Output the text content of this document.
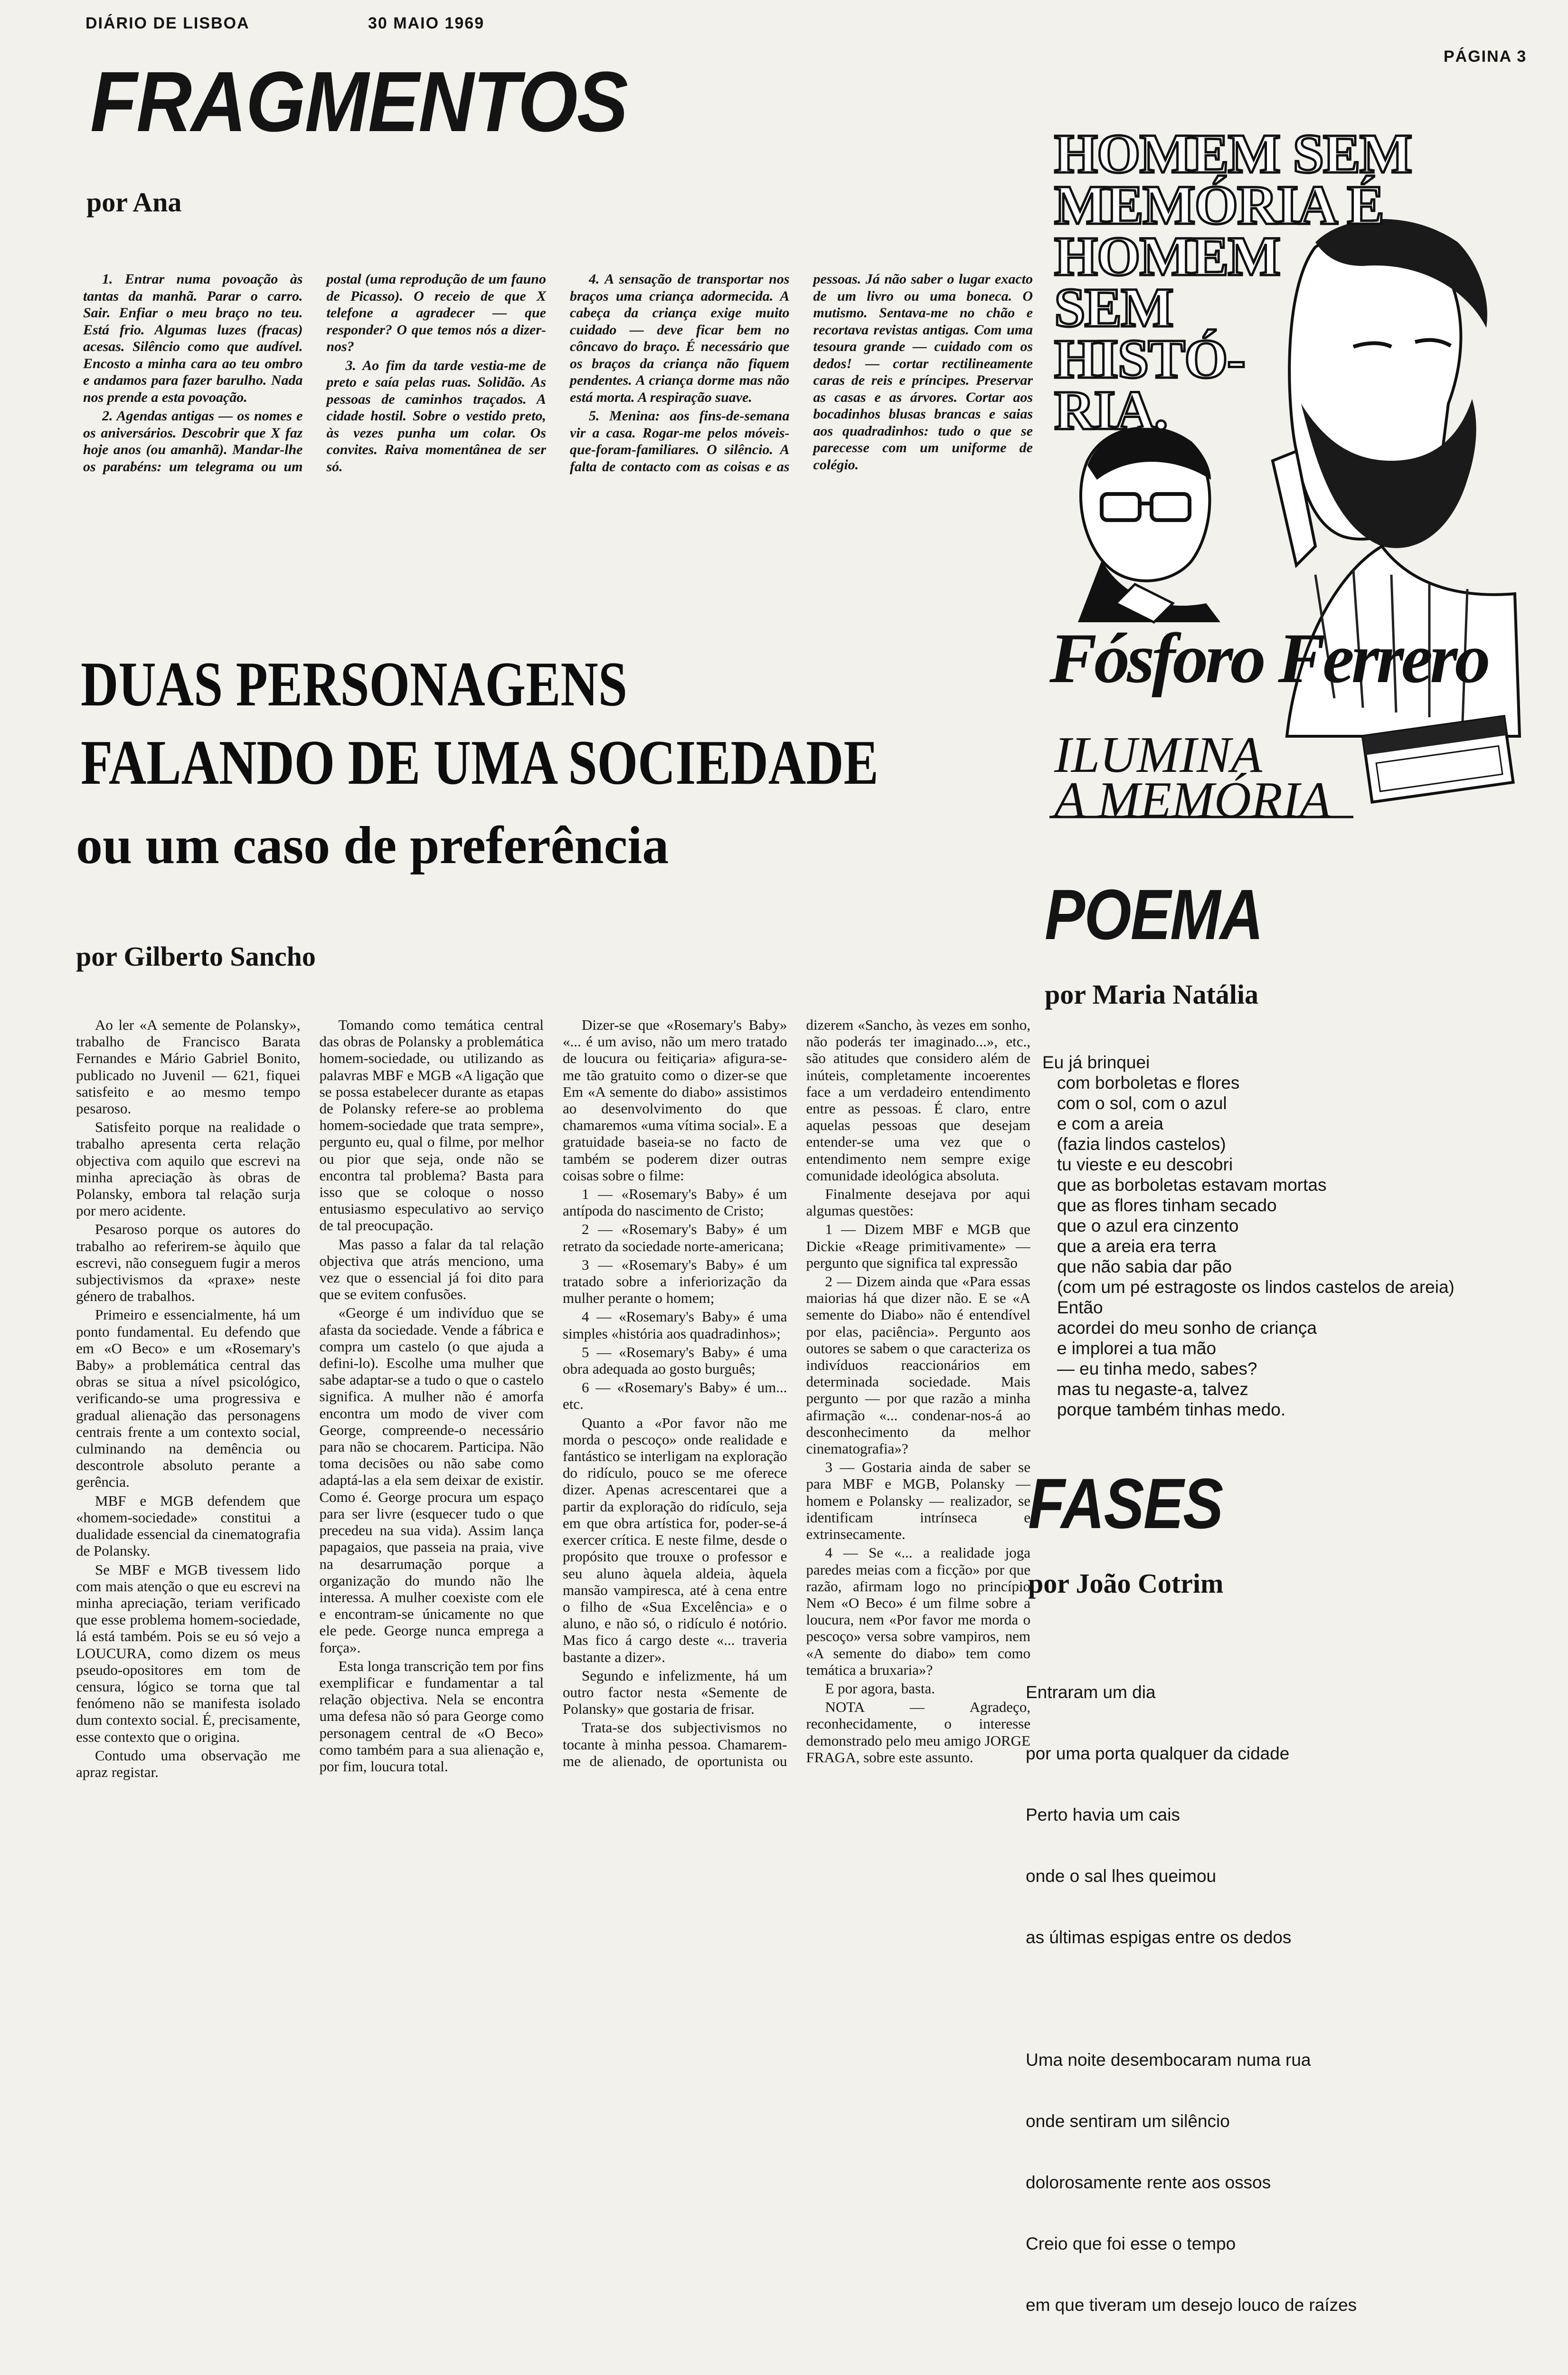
DIÁRIO DE LISBOA	30 MAIO 1969
PÁGINA 3
FRAGMENTOS
por Ana

1. Entrar numa povoação às tantas da manhã. Parar o carro. Sair. Enfiar o meu braço no teu. Está frio. Algumas luzes (fracas) acesas. Silêncio como que audível. Encosto a minha cara ao teu ombro e andamos para fazer barulho. Nada nos prende a esta povoação.

2. Agendas antigas — os nomes e os aniversários. Descobrir que X faz hoje anos (ou amanhã). Mandar-lhe os parabéns: um telegrama ou um postal (uma reprodução de um fauno de Picasso). O receio de que X telefone a agradecer — que responder? O que temos nós a dizer-nos?

3. Ao fim da tarde vestia-me de preto e saía pelas ruas. Solidão. As pessoas de caminhos traçados. A cidade hostil. Sobre o vestido preto, às vezes punha um colar. Os convites. Raiva momentânea de ser só.

4. A sensação de transportar nos braços uma criança adormecida. A cabeça da criança exige muito cuidado — deve ficar bem no côncavo do braço. É necessário que os braços da criança não fiquem pendentes. A criança dorme mas não está morta. A respiração suave.

5. Menina: aos fins-de-semana vir a casa. Rogar-me pelos móveis-que-foram-familiares. O silêncio. A falta de contacto com as coisas e as pessoas. Já não saber o lugar exacto de um livro ou uma boneca. O mutismo. Sentava-me no chão e recortava revistas antigas. Com uma tesoura grande — cuidado com os dedos! — cortar rectilineamente caras de reis e príncipes. Preservar as casas e as árvores. Cortar aos bocadinhos blusas brancas e saias aos quadradinhos: tudo o que se parecesse com um uniforme de colégio.

HOMEM SEM
MEMÓRIA É
HOMEM
SEM
HISTÓ-
RIA.
Fósforo Ferrero
ILUMINA
A MEMÓRIA
DUAS PERSONAGENS
FALANDO DE UMA SOCIEDADE
ou um caso de preferência
por Gilberto Sancho

Ao ler «A semente de Polansky», trabalho de Francisco Barata Fernandes e Mário Gabriel Bonito, publicado no Juvenil — 621, fiquei satisfeito e ao mesmo tempo pesaroso.

Satisfeito porque na realidade o trabalho apresenta certa relação objectiva com aquilo que escrevi na minha apreciação às obras de Polansky, embora tal relação surja por mero acidente.

Pesaroso porque os autores do trabalho ao referirem-se àquilo que escrevi, não conseguem fugir a meros subjectivismos da «praxe» neste género de trabalhos.

Primeiro e essencialmente, há um ponto fundamental. Eu defendo que em «O Beco» e um «Rosemary's Baby» a problemática central das obras se situa a nível psicológico, verificando-se uma progressiva e gradual alienação das personagens centrais frente a um contexto social, culminando na demência ou descontrole absoluto perante a gerência.

MBF e MGB defendem que «homem-sociedade» constitui a dualidade essencial da cinematografia de Polansky.

Se MBF e MGB tivessem lido com mais atenção o que eu escrevi na minha apreciação, teriam verificado que esse problema homem-sociedade, lá está também. Pois se eu só vejo a LOUCURA, como dizem os meus pseudo-opositores em tom de censura, lógico se torna que tal fenómeno não se manifesta isolado dum contexto social. É, precisamente, esse contexto que o origina.

Contudo uma observação me apraz registar.

Tomando como temática central das obras de Polansky a problemática homem-sociedade, ou utilizando as palavras MBF e MGB «A ligação que se possa estabelecer durante as etapas de Polansky refere-se ao problema homem-sociedade que trata sempre», pergunto eu, qual o filme, por melhor ou pior que seja, onde não se encontra tal problema? Basta para isso que se coloque o nosso entusiasmo especulativo ao serviço de tal preocupação.

Mas passo a falar da tal relação objectiva que atrás menciono, uma vez que o essencial já foi dito para que se evitem confusões.

«George é um indivíduo que se afasta da sociedade. Vende a fábrica e compra um castelo (o que ajuda a defini-lo). Escolhe uma mulher que sabe adaptar-se a tudo o que o castelo significa. A mulher não é amorfa encontra um modo de viver com George, compreende-o necessário para não se chocarem. Participa. Não toma decisões ou não sabe como adaptá-las a ela sem deixar de existir. Como é. George procura um espaço para ser livre (esquecer tudo o que precedeu na sua vida). Assim lança papagaios, que passeia na praia, vive na desarrumação porque a organização do mundo não lhe interessa. A mulher coexiste com ele e encontram-se únicamente no que ele pede. George nunca emprega a força».

Esta longa transcrição tem por fins exemplificar e fundamentar a tal relação objectiva. Nela se encontra uma defesa não só para George como personagem central de «O Beco» como também para a sua alienação e, por fim, loucura total.

Dizer-se que «Rosemary's Baby» «... é um aviso, não um mero tratado de loucura ou feitiçaria» afigura-se-me tão gratuito como o dizer-se que Em «A semente do diabo» assistimos ao desenvolvimento do que chamaremos «uma vítima social». E a gratuidade baseia-se no facto de também se poderem dizer outras coisas sobre o filme:

1 — «Rosemary's Baby» é um antípoda do nascimento de Cristo;

2 — «Rosemary's Baby» é um retrato da sociedade norte-americana;

3 — «Rosemary's Baby» é um tratado sobre a inferiorização da mulher perante o homem;

4 — «Rosemary's Baby» é uma simples «história aos quadradinhos»;

5 — «Rosemary's Baby» é uma obra adequada ao gosto burguês;

6 — «Rosemary's Baby» é um... etc.

Quanto a «Por favor não me morda o pescoço» onde realidade e fantástico se interligam na exploração do ridículo, pouco se me oferece dizer. Apenas acrescentarei que a partir da exploração do ridículo, seja em que obra artística for, poder-se-á exercer crítica. E neste filme, desde o propósito que trouxe o professor e seu aluno àquela aldeia, àquela mansão vampiresca, até à cena entre o filho de «Sua Excelência» e o aluno, e não só, o ridículo é notório. Mas fico á cargo deste «... traveria bastante a dizer».

Segundo e infelizmente, há um outro factor nesta «Semente de Polansky» que gostaria de frisar.

Trata-se dos subjectivismos no tocante à minha pessoa. Chamarem-me de alienado, de oportunista ou dizerem «Sancho, às vezes em sonho, não poderás ter imaginado...», etc., são atitudes que considero além de inúteis, completamente incoerentes face a um verdadeiro entendimento entre as pessoas. É claro, entre aquelas pessoas que desejam entender-se uma vez que o entendimento nem sempre exige comunidade ideológica absoluta.

Finalmente desejava por aqui algumas questões:

1 — Dizem MBF e MGB que Dickie «Reage primitivamente» — pergunto que significa tal expressão

2 — Dizem ainda que «Para essas maiorias há que dizer não. E se «A semente do Diabo» não é entendível por elas, paciência». Pergunto aos outores se sabem o que caracteriza os indivíduos reaccionários em determinada sociedade. Mais pergunto — por que razão a minha afirmação «... condenar-nos-á ao desconhecimento da melhor cinematografia»?

3 — Gostaria ainda de saber se para MBF e MGB, Polansky — homem e Polansky — realizador, se identificam intrínseca e extrinsecamente.

4 — Se «... a realidade joga paredes meias com a ficção» por que razão, afirmam logo no princípio Nem «O Beco» é um filme sobre a loucura, nem «Por favor me morda o pescoço» versa sobre vampiros, nem «A semente do diabo» tem como temática a bruxaria»?

E por agora, basta.

NOTA — Agradeço, reconhecidamente, o interesse demonstrado pelo meu amigo JORGE FRAGA, sobre este assunto.

POEMA
por Maria Natália
Eu já brinquei
com borboletas e flores
com o sol, com o azul
e com a areia
(fazia lindos castelos)
tu vieste e eu descobri
que as borboletas estavam mortas
que as flores tinham secado
que o azul era cinzento
que a areia era terra
que não sabia dar pão
(com um pé estragoste os lindos castelos de areia)
Então
acordei do meu sonho de criança
e implorei a tua mão
— eu tinha medo, sabes?
mas tu negaste-a, talvez
porque também tinhas medo.
FASES
por João Cotrim

Entraram um dia

por uma porta qualquer da cidade

Perto havia um cais

onde o sal lhes queimou

as últimas espigas entre os dedos

Uma noite desembocaram numa rua

onde sentiram um silêncio

dolorosamente rente aos ossos

Creio que foi esse o tempo

em que tiveram um desejo louco de raízes
